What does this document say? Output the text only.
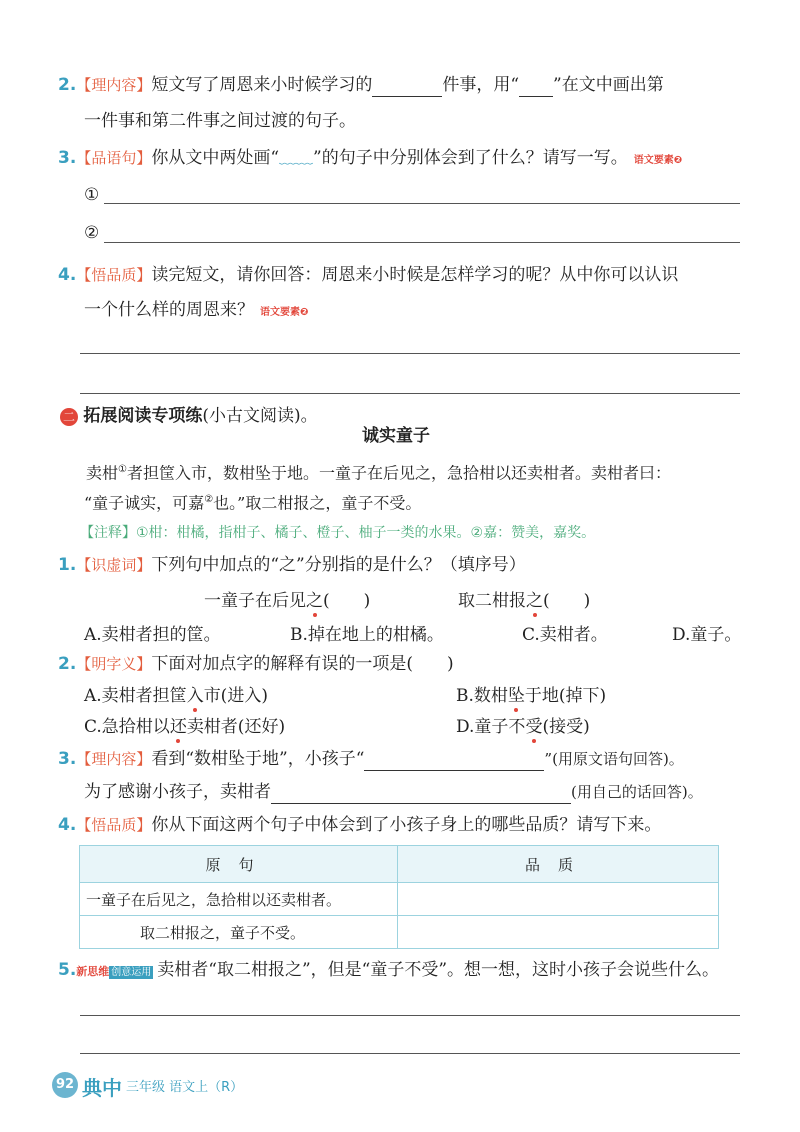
2.【理内容】短文写了周恩来小时候学习的	件事，用“ ”在文中画出第
一件事和第二件事之间过渡的句子。
3.【品语句】你从文中两处画“﹏﹏”的句子中分别体会到了什么？请写一写。 语文要素❷
①
②
4.【悟品质】读完短文，请你回答：周恩来小时候是怎样学习的呢？从中你可以认识
一个什么样的周恩来？ 语文要素❷
二 拓展阅读专项练(小古文阅读)。
诚实童子
卖柑①者担筐入市，数柑坠于地。一童子在后见之，急拾柑以还卖柑者。卖柑者曰：
“童子诚实，可嘉②也。”取二柑报之，童子不受。
【注释】①柑：柑橘，指柑子、橘子、橙子、柚子一类的水果。②嘉：赞美，嘉奖。
1.【识虚词】下列句中加点的“之”分别指的是什么？（填序号）
一童子在后见之(　　)	取二柑报之(　　)
A.卖柑者担的筐。	B.掉在地上的柑橘。	C.卖柑者。	D.童子。
2.【明字义】下面对加点字的解释有误的一项是(　　)
A.卖柑者担筐入市(进入)	B.数柑坠于地(掉下)
C.急拾柑以还卖柑者(还好)	D.童子不受(接受)
3.【理内容】看到“数柑坠于地”，小孩子“	”(用原文语句回答)。
为了感谢小孩子，卖柑者	(用自己的话回答)。
4.【悟品质】你从下面这两个句子中体会到了小孩子身上的哪些品质？请写下来。
原句	品质
一童子在后见之，急拾柑以还卖柑者。	
取二柑报之，童子不受。	
5.新思维 创意运用 卖柑者“取二柑报之”，但是“童子不受”。想一想，这时小孩子会说些什么。
92 典中 三年级 语文上（R）
